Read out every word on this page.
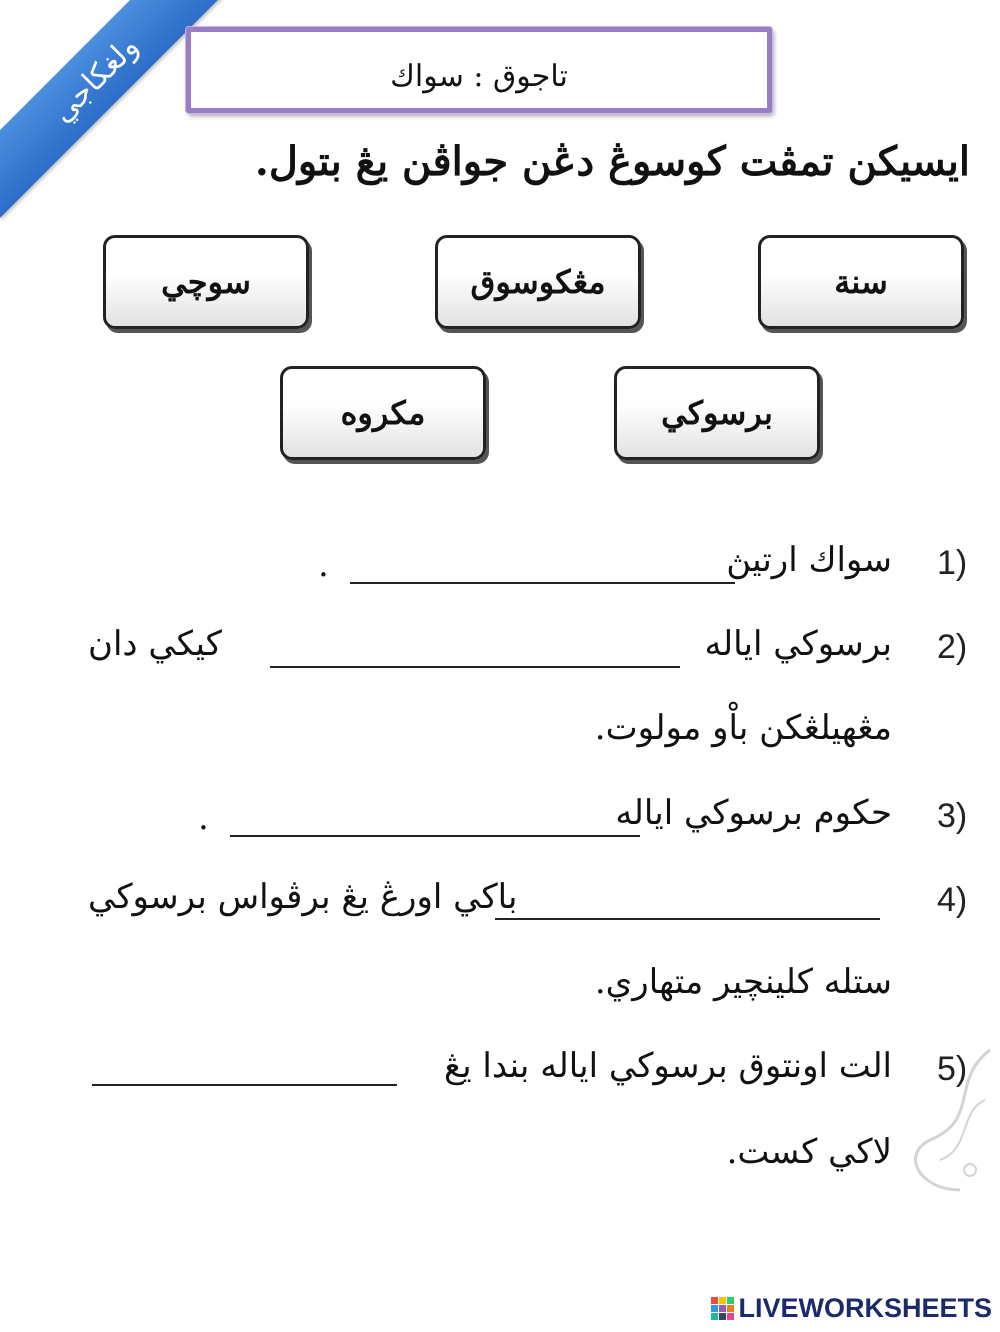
ولغكاجي	تاجوق : سواك
ايسيكن تمڤت كوسوڠ دڠن جواڤن يڠ بتول.
سنة
مڠكوسوق
سوچي
برسوكي
مكروه
1)
سواك ارتيڽ
.
2)
برسوكي اياله
كيكي دان
مڠهيلڠكن باْو مولوت.
3)
حكوم برسوكي اياله
.
4)
باكي اورڠ يڠ برڤواس برسوكي
ستله كلينچير متهاري.
5)
الت اونتوق برسوكي اياله بندا يڠ
لاكي كست.
LIVEWORKSHEETS
